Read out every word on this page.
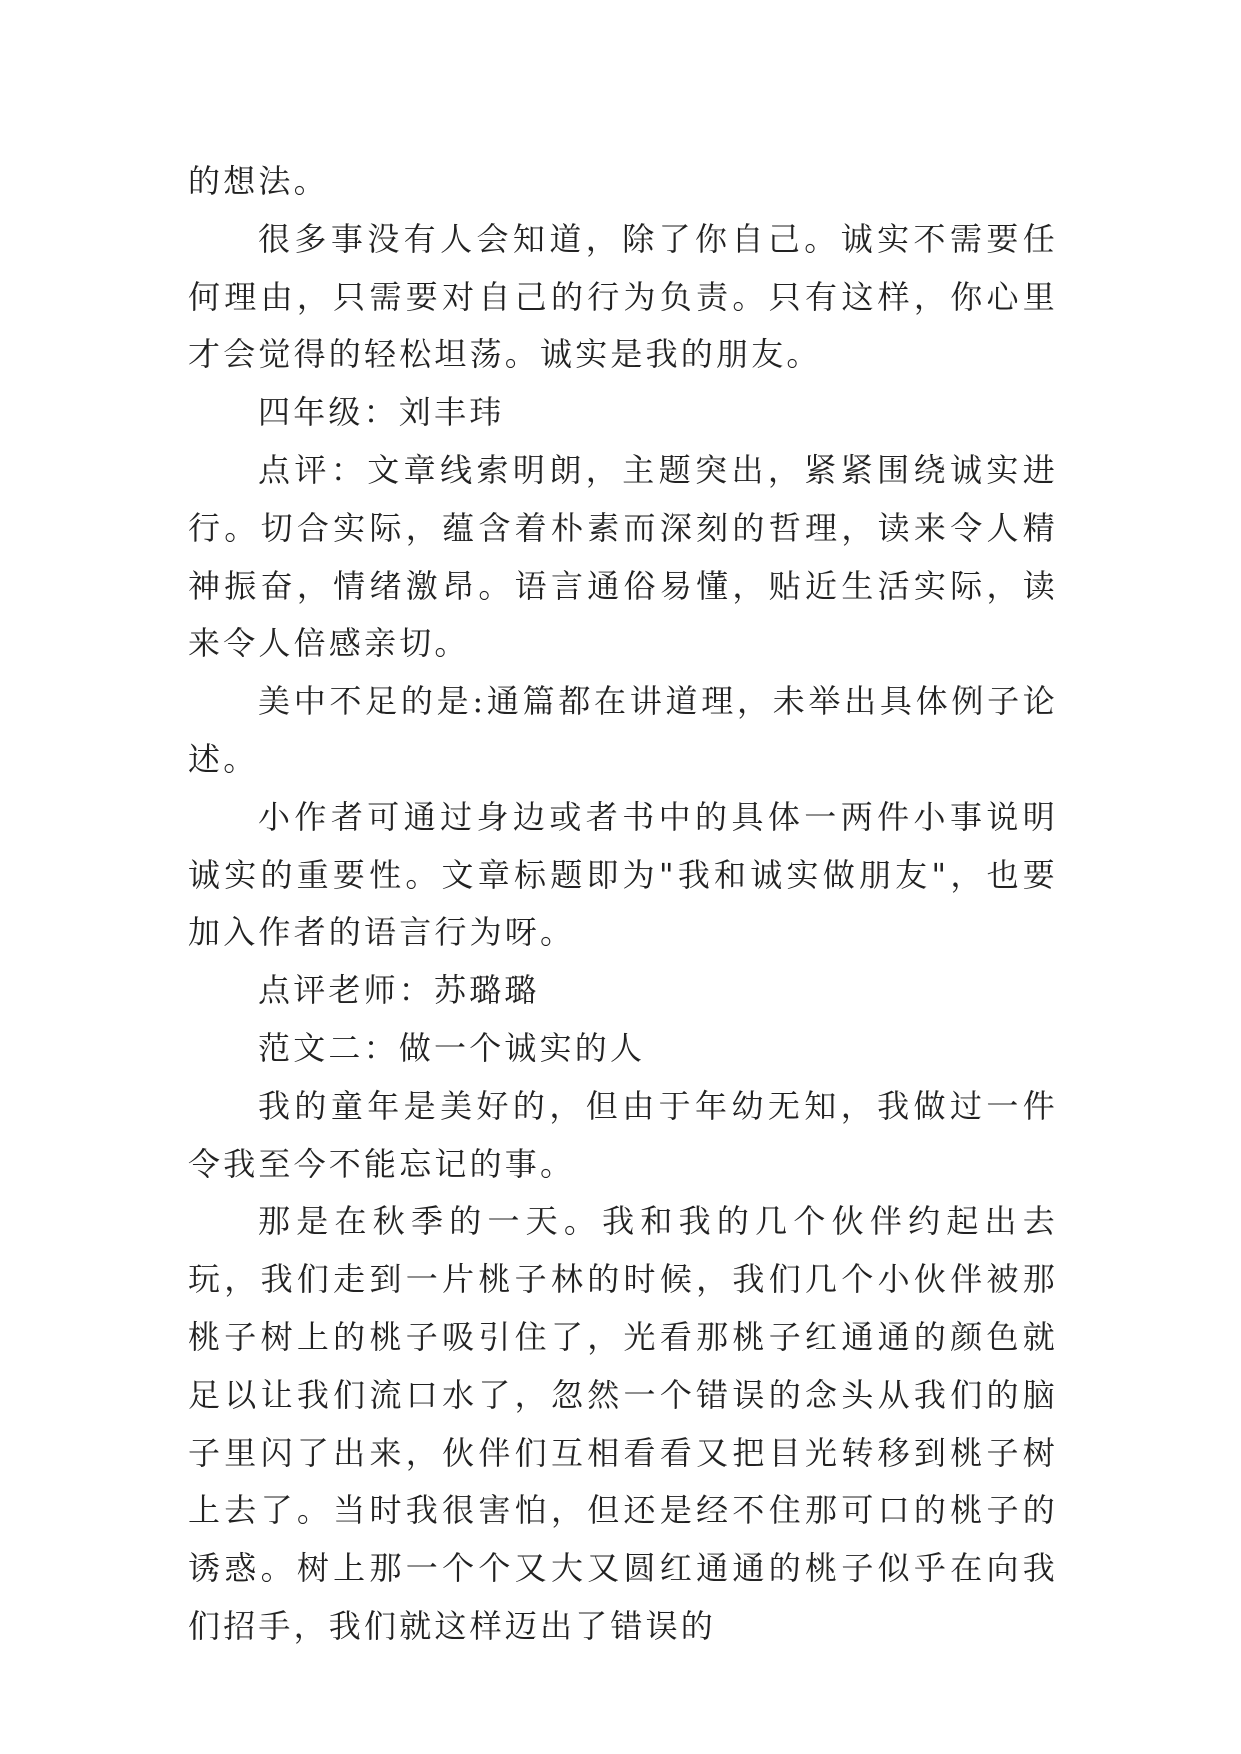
的想法。

很多事没有人会知道，除了你自己。诚实不需要任何理由，只需要对自己的行为负责。只有这样，你心里才会觉得的轻松坦荡。诚实是我的朋友。

四年级：刘丰玮

点评：文章线索明朗，主题突出，紧紧围绕诚实进行。切合实际，蕴含着朴素而深刻的哲理，读来令人精神振奋，情绪激昂。语言通俗易懂，贴近生活实际，读来令人倍感亲切。

美中不足的是:通篇都在讲道理，未举出具体例子论述。

小作者可通过身边或者书中的具体一两件小事说明诚实的重要性。文章标题即为"我和诚实做朋友"，也要加入作者的语言行为呀。

点评老师：苏璐璐

范文二：做一个诚实的人

我的童年是美好的，但由于年幼无知，我做过一件令我至今不能忘记的事。

那是在秋季的一天。我和我的几个伙伴约起出去玩，我们走到一片桃子林的时候，我们几个小伙伴被那桃子树上的桃子吸引住了，光看那桃子红通通的颜色就足以让我们流口水了，忽然一个错误的念头从我们的脑子里闪了出来，伙伴们互相看看又把目光转移到桃子树上去了。当时我很害怕，但还是经不住那可口的桃子的诱惑。树上那一个个又大又圆红通通的桃子似乎在向我们招手，我们就这样迈出了错误的
